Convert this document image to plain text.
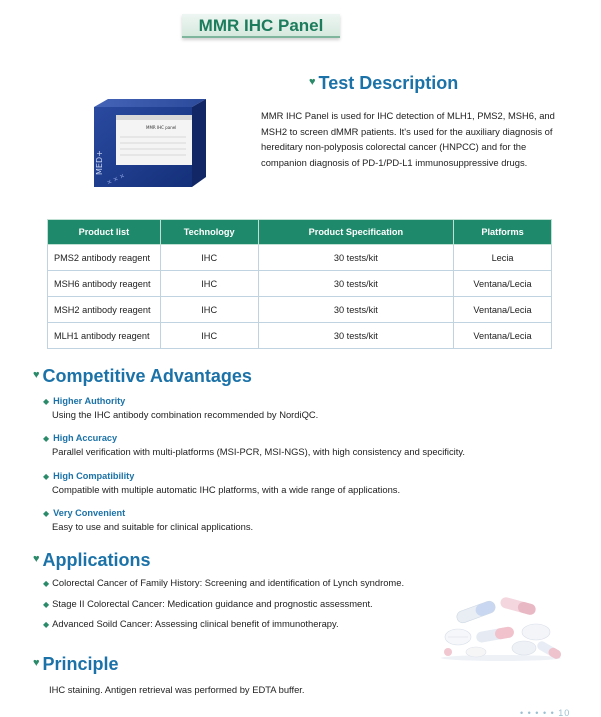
MMR IHC Panel
♥ Test Description
MMR IHC panel
MED+
✕ ✕ ✕
MMR IHC Panel is used for IHC detection of MLH1, PMS2, MSH6, and MSH2 to screen dMMR patients. It's used for the auxiliary diagnosis of hereditary non-polyposis colorectal cancer (HNPCC) and for the companion diagnosis of PD-1/PD-L1 immunosuppressive drugs.
Product list	Technology	Product Specification	Platforms
PMS2 antibody reagent	IHC	30 tests/kit	Lecia
MSH6 antibody reagent	IHC	30 tests/kit	Ventana/Lecia
MSH2 antibody reagent	IHC	30 tests/kit	Ventana/Lecia
MLH1 antibody reagent	IHC	30 tests/kit	Ventana/Lecia
♥ Competitive Advantages
◆ Higher Authority
Using the IHC antibody combination recommended by NordiQC.
◆ High Accuracy
Parallel verification with multi-platforms (MSI-PCR, MSI-NGS), with high consistency and specificity.
◆ High Compatibility
Compatible with multiple automatic IHC platforms, with a wide range of applications.
◆ Very Convenient
Easy to use and suitable for clinical applications.
♥ Applications
◆ Colorectal Cancer of Family History: Screening and identification of Lynch syndrome.
◆ Stage II Colorectal Cancer: Medication guidance and prognostic assessment.
◆ Advanced Soild Cancer: Assessing clinical benefit of immunotherapy.
♥ Principle
IHC staining. Antigen retrieval was performed by EDTA buffer.
• • • • • 10
